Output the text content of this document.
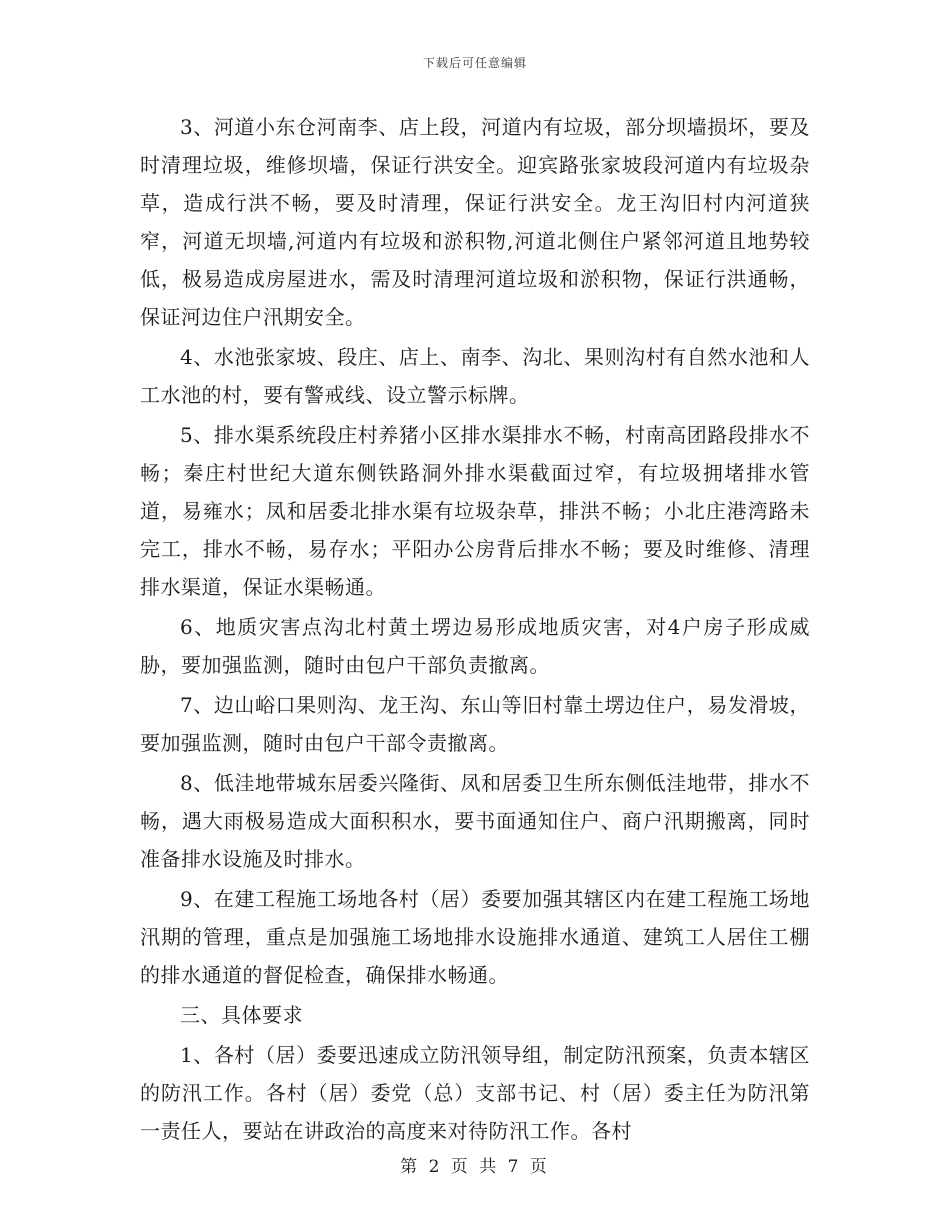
下载后可任意编辑

3、河道小东仓河南李、店上段，河道内有垃圾，部分坝墙损坏，要及时清理垃圾，维修坝墙，保证行洪安全。迎宾路张家坡段河道内有垃圾杂草，造成行洪不畅，要及时清理，保证行洪安全。龙王沟旧村内河道狭窄，河道无坝墙,河道内有垃圾和淤积物,河道北侧住户紧邻河道且地势较低，极易造成房屋进水，需及时清理河道垃圾和淤积物，保证行洪通畅，保证河边住户汛期安全。

4、水池张家坡、段庄、店上、南李、沟北、果则沟村有自然水池和人工水池的村，要有警戒线、设立警示标牌。

5、排水渠系统段庄村养猪小区排水渠排水不畅，村南高团路段排水不畅；秦庄村世纪大道东侧铁路洞外排水渠截面过窄，有垃圾拥堵排水管道，易雍水；凤和居委北排水渠有垃圾杂草，排洪不畅；小北庄港湾路未完工，排水不畅，易存水；平阳办公房背后排水不畅；要及时维修、清理排水渠道，保证水渠畅通。

6、地质灾害点沟北村黄土塄边易形成地质灾害，对4户房子形成威胁，要加强监测，随时由包户干部负责撤离。

7、边山峪口果则沟、龙王沟、东山等旧村靠土塄边住户，易发滑坡，要加强监测，随时由包户干部令责撤离。

8、低洼地带城东居委兴隆街、凤和居委卫生所东侧低洼地带，排水不畅，遇大雨极易造成大面积积水，要书面通知住户、商户汛期搬离，同时准备排水设施及时排水。

9、在建工程施工场地各村（居）委要加强其辖区内在建工程施工场地汛期的管理，重点是加强施工场地排水设施排水通道、建筑工人居住工棚的排水通道的督促检查，确保排水畅通。

三、具体要求

1、各村（居）委要迅速成立防汛领导组，制定防汛预案，负责本辖区的防汛工作。各村（居）委党（总）支部书记、村（居）委主任为防汛第一责任人，要站在讲政治的高度来对待防汛工作。各村

第 2 页 共 7 页
